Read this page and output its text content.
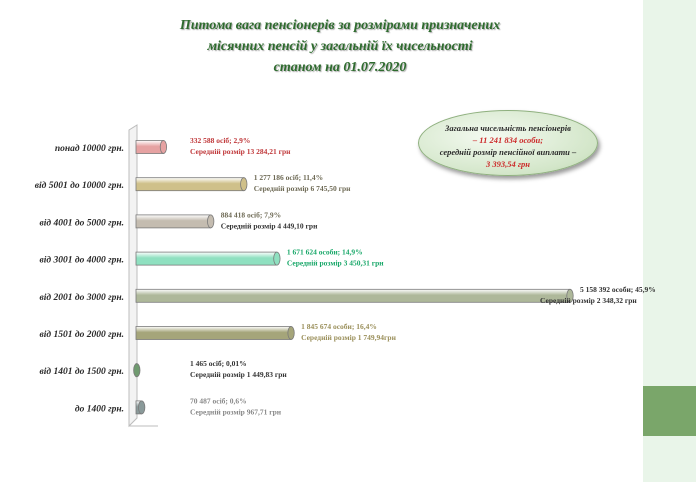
Питома вага пенсіонерів за розмірами призначених
місячних пенсій у загальній їх чисельності
станом на 01.07.2020
Загальна чисельність пенсіонерів
– 11 241 834 особи;
середній розмір пенсійної виплати –
3 393,54 грн
понад 10000 грн.
332 588 осіб; 2,9%
Середній розмір 13 284,21 грн
від 5001 до 10000 грн.
1 277 186 осіб; 11,4%
Середній розмір 6 745,50 грн
від 4001 до 5000 грн.
884 418 осіб; 7,9%
Середній розмір 4 449,10 грн
від 3001 до 4000 грн.
1 671 624 особи; 14,9%
Середній розмір 3 450,31 грн
від 2001 до 3000 грн.
5 158 392 особи; 45,9%
Середній розмір 2 348,32 грн
від 1501 до 2000 грн.
1 845 674 особи; 16,4%
Середній розмір 1 749,94грн
від 1401 до 1500 грн.
1 465 осіб; 0,01%
Середній розмір 1 449,83 грн
до 1400 грн.
70 487 осіб; 0,6%
Середній розмір 967,71 грн
